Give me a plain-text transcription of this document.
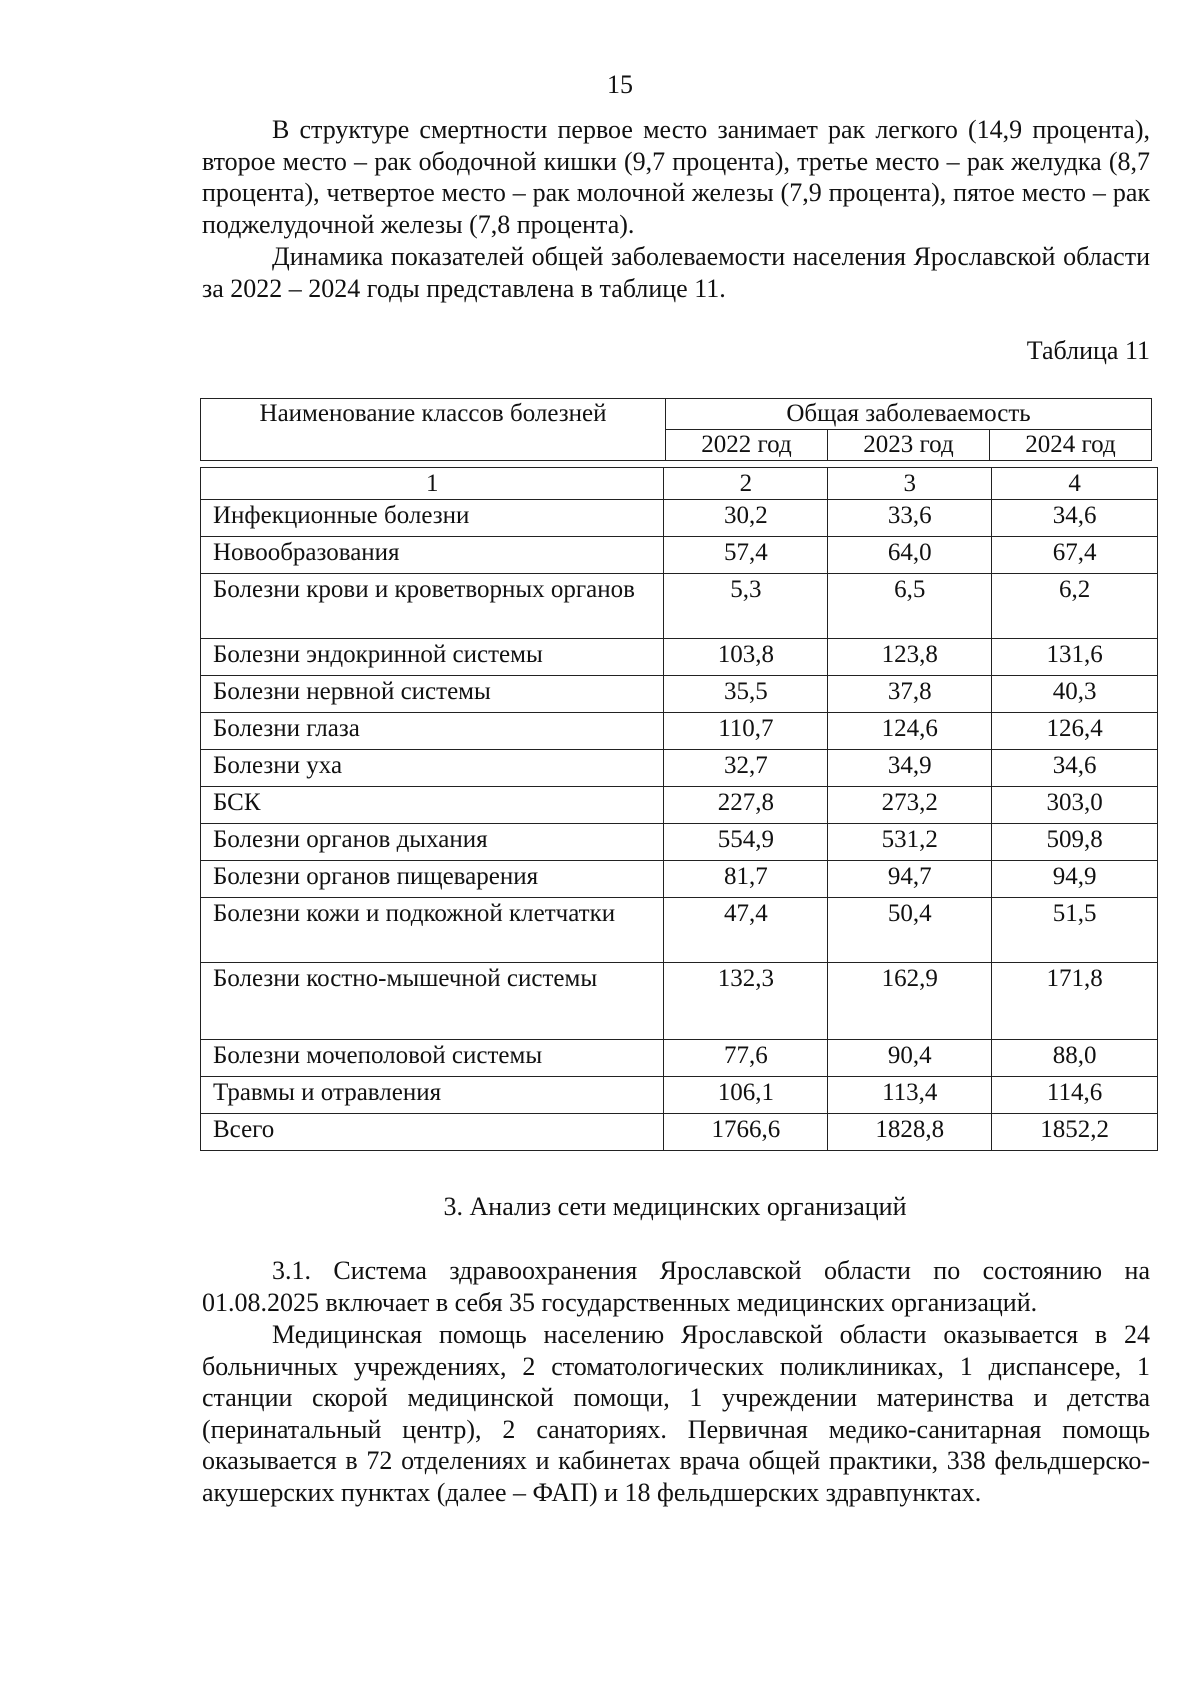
15

В структуре смертности первое место занимает рак легкого (14,9 процента), второе место – рак ободочной кишки (9,7 процента), третье место – рак желудка (8,7 процента), четвертое место – рак молочной железы (7,9 процента), пятое место – рак поджелудочной железы (7,8 процента).

Динамика показателей общей заболеваемости населения Ярославской области за 2022 – 2024 годы представлена в таблице 11.

Таблица 11
Наименование классов болезней	Общая заболеваемость		
	2022 год	2023 год	2024 год
1	2	3	4
Инфекционные болезни	30,2	33,6	34,6
Новообразования	57,4	64,0	67,4
Болезни крови и кроветворных органов	5,3	6,5	6,2
Болезни эндокринной системы	103,8	123,8	131,6
Болезни нервной системы	35,5	37,8	40,3
Болезни глаза	110,7	124,6	126,4
Болезни уха	32,7	34,9	34,6
БСК	227,8	273,2	303,0
Болезни органов дыхания	554,9	531,2	509,8
Болезни органов пищеварения	81,7	94,7	94,9
Болезни кожи и подкожной клетчатки	47,4	50,4	51,5
Болезни костно-мышечной системы	132,3	162,9	171,8
Болезни мочеполовой системы	77,6	90,4	88,0
Травмы и отравления	106,1	113,4	114,6
Всего	1766,6	1828,8	1852,2
3. Анализ сети медицинских организаций

3.1. Система здравоохранения Ярославской области по состоянию на 01.08.2025 включает в себя 35 государственных медицинских организаций.

Медицинская помощь населению Ярославской области оказывается в 24 больничных учреждениях, 2 стоматологических поликлиниках, 1 диспансере, 1 станции скорой медицинской помощи, 1 учреждении материнства и детства (перинатальный центр), 2 санаториях. Первичная медико-санитарная помощь оказывается в 72 отделениях и кабинетах врача общей практики, 338 фельдшерско-акушерских пунктах (далее – ФАП) и 18 фельдшерских здравпунктах.
